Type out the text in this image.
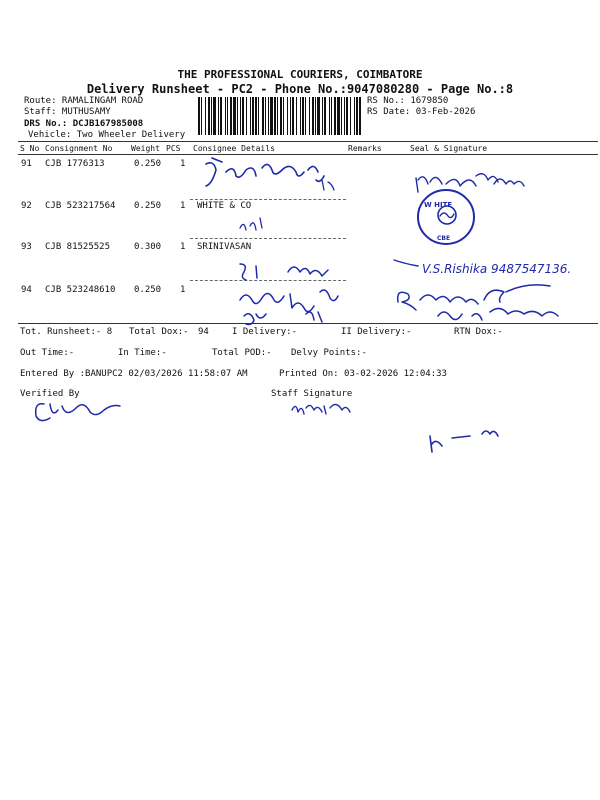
THE PROFESSIONAL COURIERS, COIMBATORE
Delivery Runsheet - PC2 - Phone No.:9047080280 - Page No.:8
Route: RAMALINGAM ROAD
Staff: MUTHUSAMY
DRS No.: DCJB167985008
Vehicle: Two Wheeler Delivery
RS No.: 1679850
RS Date: 03-Feb-2026
S No Consignment No Weight PCS Consignee Details	Remarks	Seal & Signature
91 CJB 1776313	0.250 1
92 CJB 523217564 0.250 1 WHITE & CO
93 CJB 81525525	0.300 1 SRINIVASAN
94 CJB 523248610 0.250 1
Tot. Runsheet:- 8 Total Dox:- 94	I Delivery:-	II Delivery:-	RTN Dox:-
Out Time:-	In Time:-	Total POD:- Delvy Points:-
Entered By :BANUPC2 02/03/2026 11:58:07 AM	Printed On: 03-02-2026 12:04:33
Verified By	Staff Signature
W HITE
CBE
V.S.Rishika 9487547136.
